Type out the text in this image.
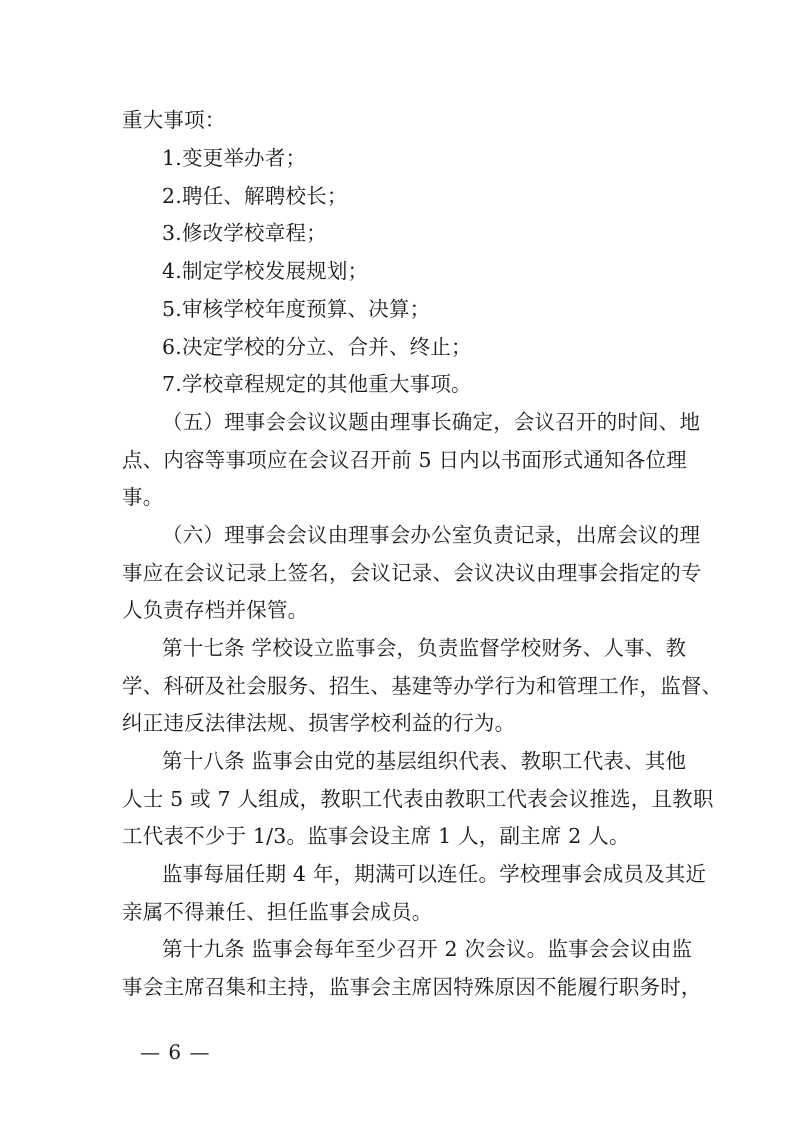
重大事项：
1.变更举办者；
2.聘任、解聘校长；
3.修改学校章程；
4.制定学校发展规划；
5.审核学校年度预算、决算；
6.决定学校的分立、合并、终止；
7.学校章程规定的其他重大事项。
（五）理事会会议议题由理事长确定，会议召开的时间、地
点、内容等事项应在会议召开前 5 日内以书面形式通知各位理
事。
（六）理事会会议由理事会办公室负责记录，出席会议的理
事应在会议记录上签名，会议记录、会议决议由理事会指定的专
人负责存档并保管。
第十七条 学校设立监事会，负责监督学校财务、人事、教
学、科研及社会服务、招生、基建等办学行为和管理工作，监督、
纠正违反法律法规、损害学校利益的行为。
第十八条 监事会由党的基层组织代表、教职工代表、其他
人士 5 或 7 人组成，教职工代表由教职工代表会议推选，且教职
工代表不少于 1/3。监事会设主席 1 人，副主席 2 人。
监事每届任期 4 年，期满可以连任。学校理事会成员及其近
亲属不得兼任、担任监事会成员。
第十九条 监事会每年至少召开 2 次会议。监事会会议由监
事会主席召集和主持，监事会主席因特殊原因不能履行职务时，
— 6 —
